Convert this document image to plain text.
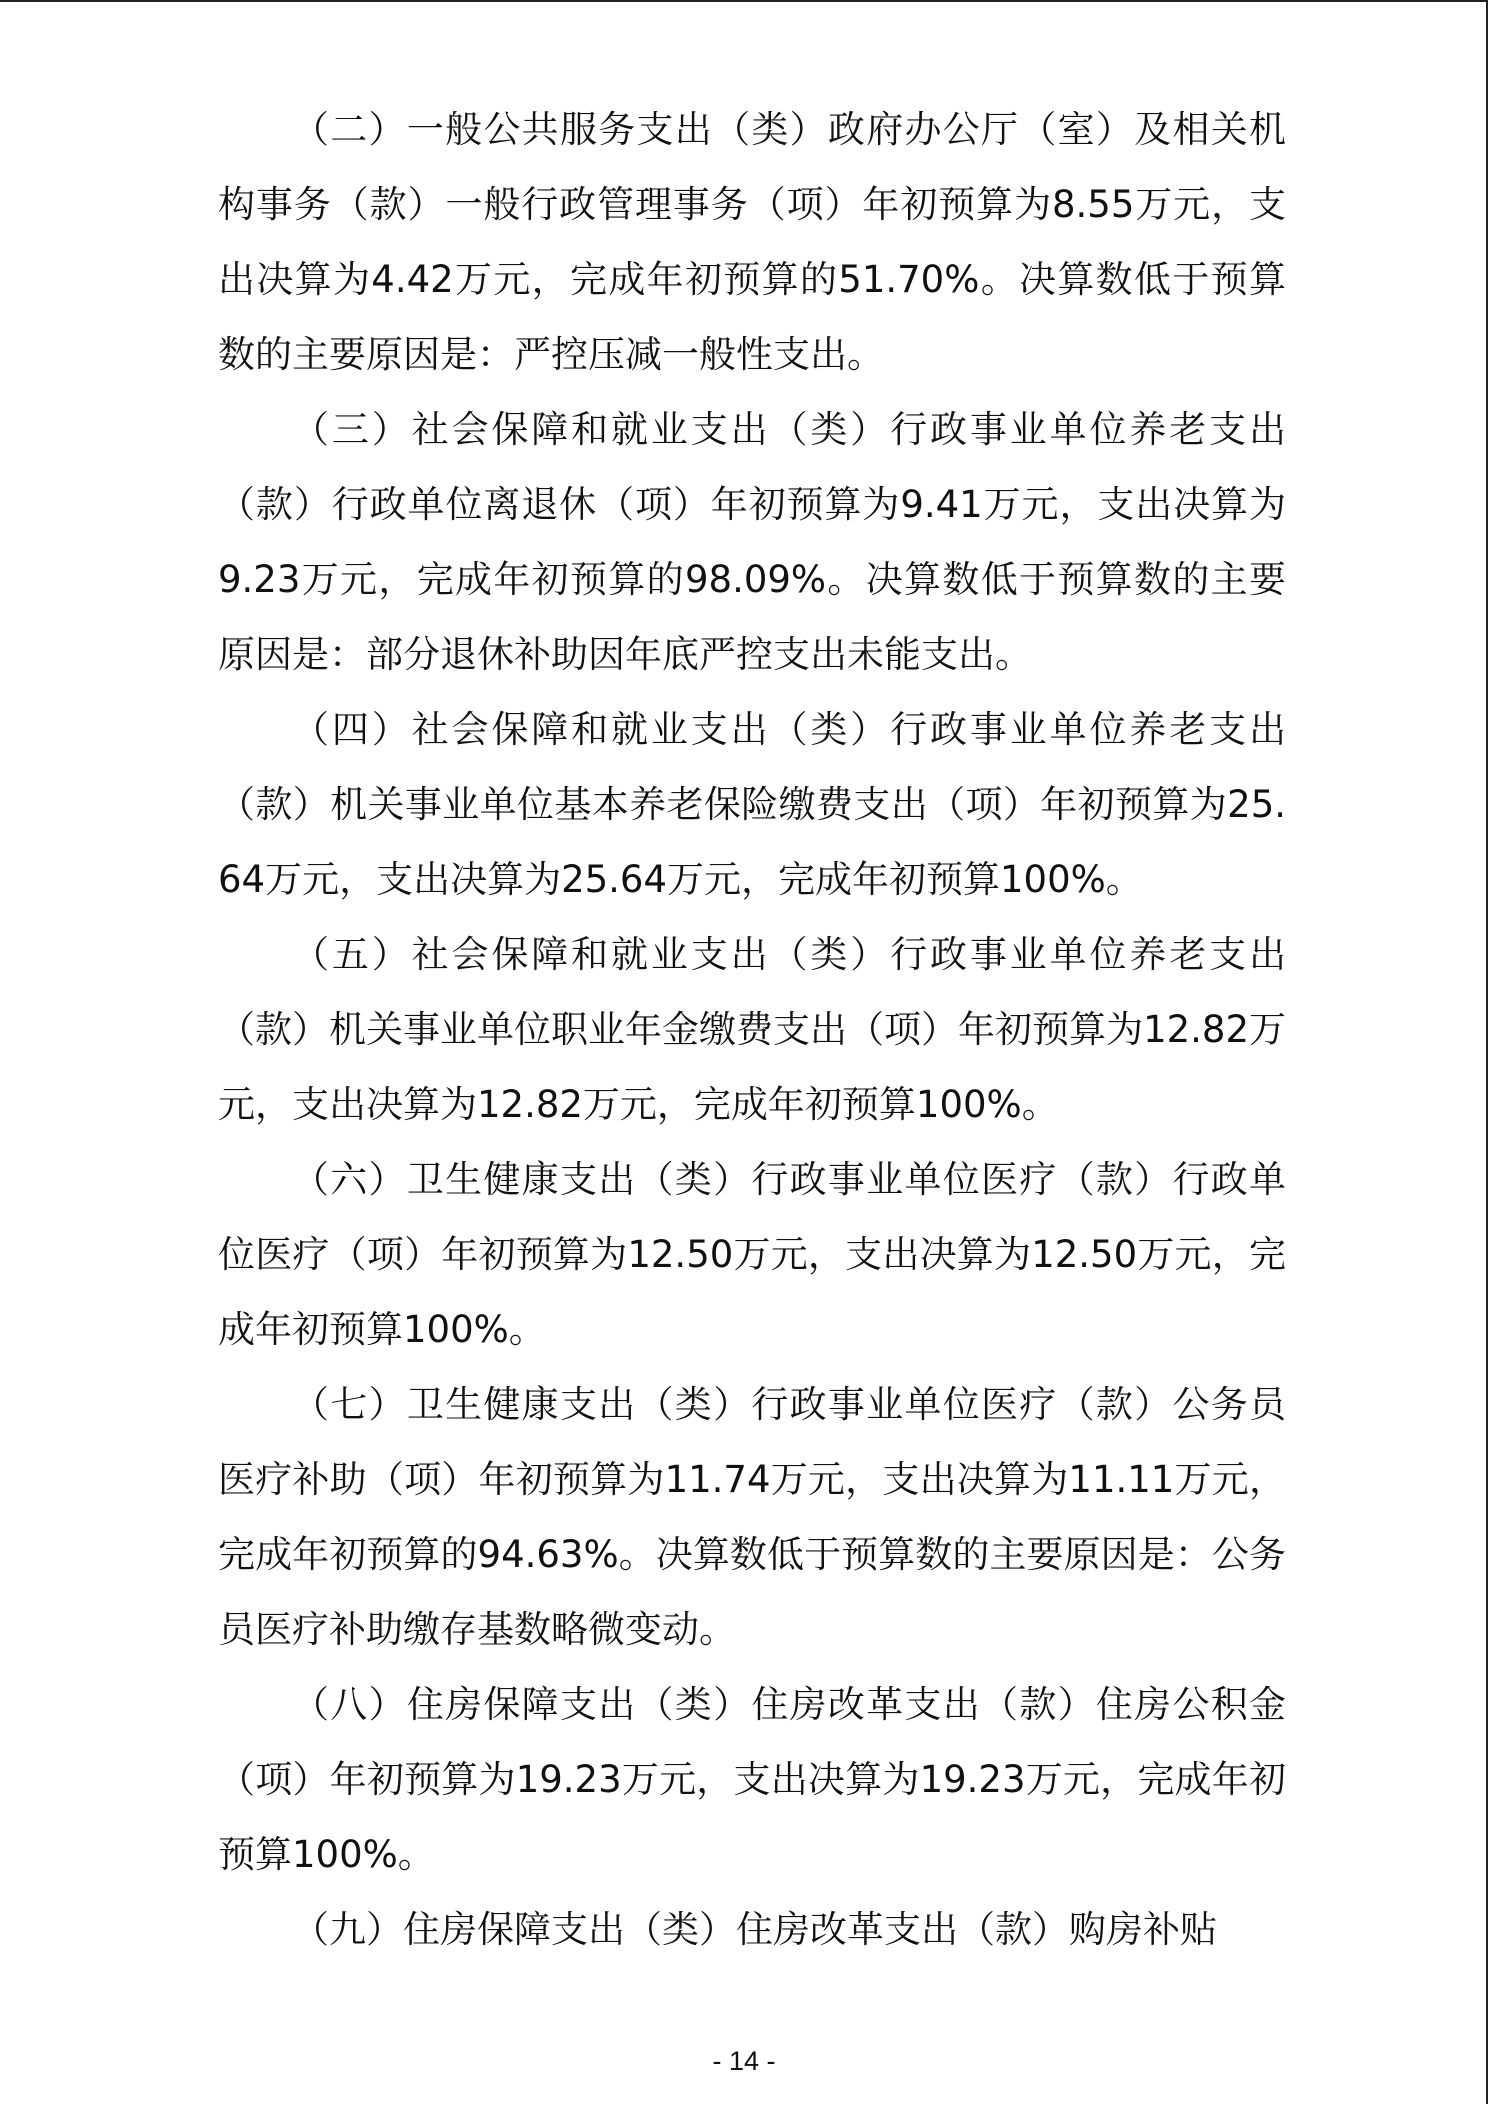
（二）一般公共服务支出（类）政府办公厅（室）及相关机构事务（款）一般行政管理事务（项）年初预算为8.55万元，支出决算为4.42万元，完成年初预算的51.70%。决算数低于预算数的主要原因是：严控压减一般性支出。

（三）社会保障和就业支出（类）行政事业单位养老支出（款）行政单位离退休（项）年初预算为9.41万元，支出决算为9.23万元，完成年初预算的98.09%。决算数低于预算数的主要原因是：部分退休补助因年底严控支出未能支出。

（四）社会保障和就业支出（类）行政事业单位养老支出（款）机关事业单位基本养老保险缴费支出（项）年初预算为25.64万元，支出决算为25.64万元，完成年初预算100%。

（五）社会保障和就业支出（类）行政事业单位养老支出（款）机关事业单位职业年金缴费支出（项）年初预算为12.82万元，支出决算为12.82万元，完成年初预算100%。

（六）卫生健康支出（类）行政事业单位医疗（款）行政单位医疗（项）年初预算为12.50万元，支出决算为12.50万元，完成年初预算100%。

（七）卫生健康支出（类）行政事业单位医疗（款）公务员医疗补助（项）年初预算为11.74万元，支出决算为11.11万元，完成年初预算的94.63%。决算数低于预算数的主要原因是：公务员医疗补助缴存基数略微变动。

（八）住房保障支出（类）住房改革支出（款）住房公积金（项）年初预算为19.23万元，支出决算为19.23万元，完成年初预算100%。

（九）住房保障支出（类）住房改革支出（款）购房补贴

- 14 -
